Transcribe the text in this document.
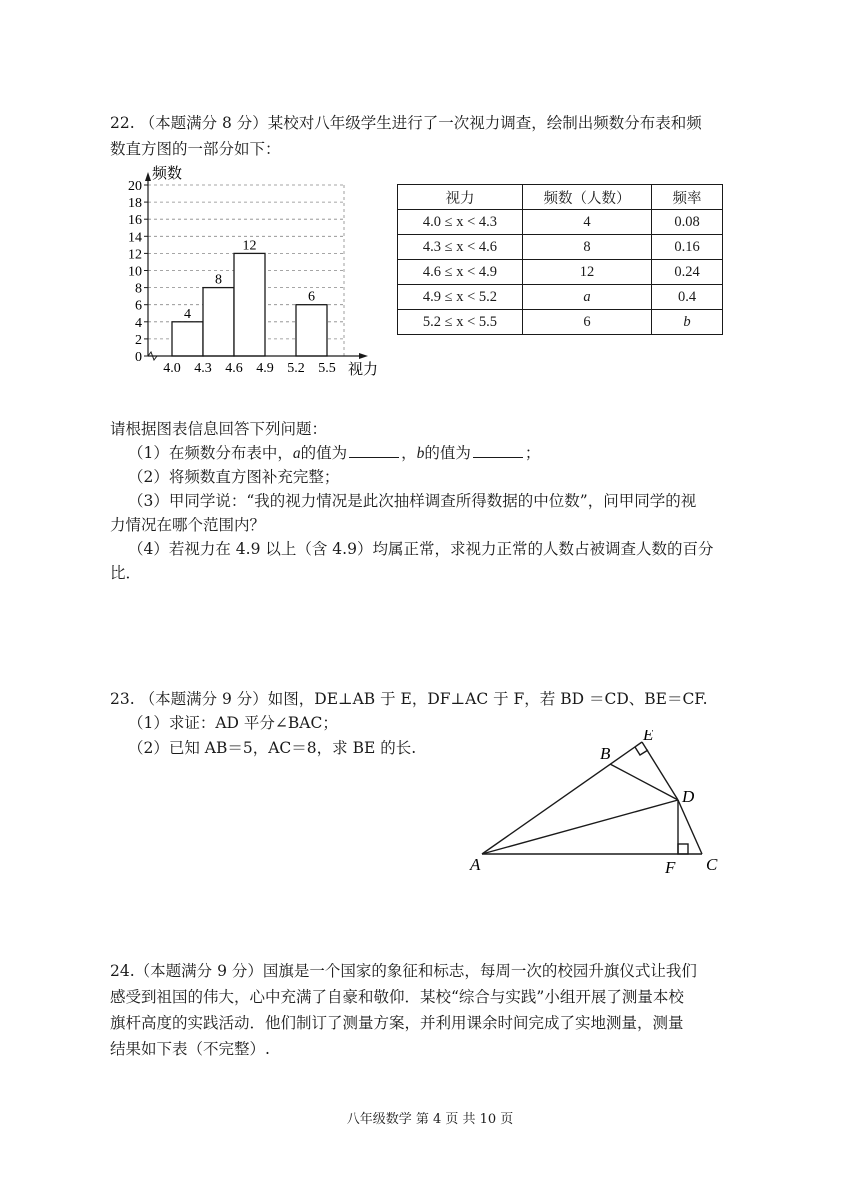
22. （本题满分 8 分）某校对八年级学生进行了一次视力调查，绘制出频数分布表和频
数直方图的一部分如下：
0
2
4
6
8
10
12
14
16
18
20
4
8
12
6
4.0 4.3 4.6 4.9 5.2 5.5
频数
视力
视力	频数（人数）	频率
4.0 ≤ x < 4.3	4	0.08
4.3 ≤ x < 4.6	8	0.16
4.6 ≤ x < 4.9	12	0.24
4.9 ≤ x < 5.2	a	0.4
5.2 ≤ x < 5.5	6	b
请根据图表信息回答下列问题：
（1）在频数分布表中，a的值为	，b的值为	；
（2）将频数直方图补充完整；
（3）甲同学说：“我的视力情况是此次抽样调查所得数据的中位数”，问甲同学的视
力情况在哪个范围内？
（4）若视力在 4.9 以上（含 4.9）均属正常，求视力正常的人数占被调查人数的百分
比．
23. （本题满分 9 分）如图，DE⊥AB 于 E，DF⊥AC 于 F，若 BD ＝CD、BE＝CF.
（1）求证：AD 平分∠BAC；
（2）已知 AB＝5，AC＝8，求 BE 的长.
A
B
C
D
E
F
24.（本题满分 9 分）国旗是一个国家的象征和标志，每周一次的校园升旗仪式让我们
感受到祖国的伟大，心中充满了自豪和敬仰．某校“综合与实践”小组开展了测量本校
旗杆高度的实践活动．他们制订了测量方案，并利用课余时间完成了实地测量，测量
结果如下表（不完整）.
八年级数学 第 4 页 共 10 页
